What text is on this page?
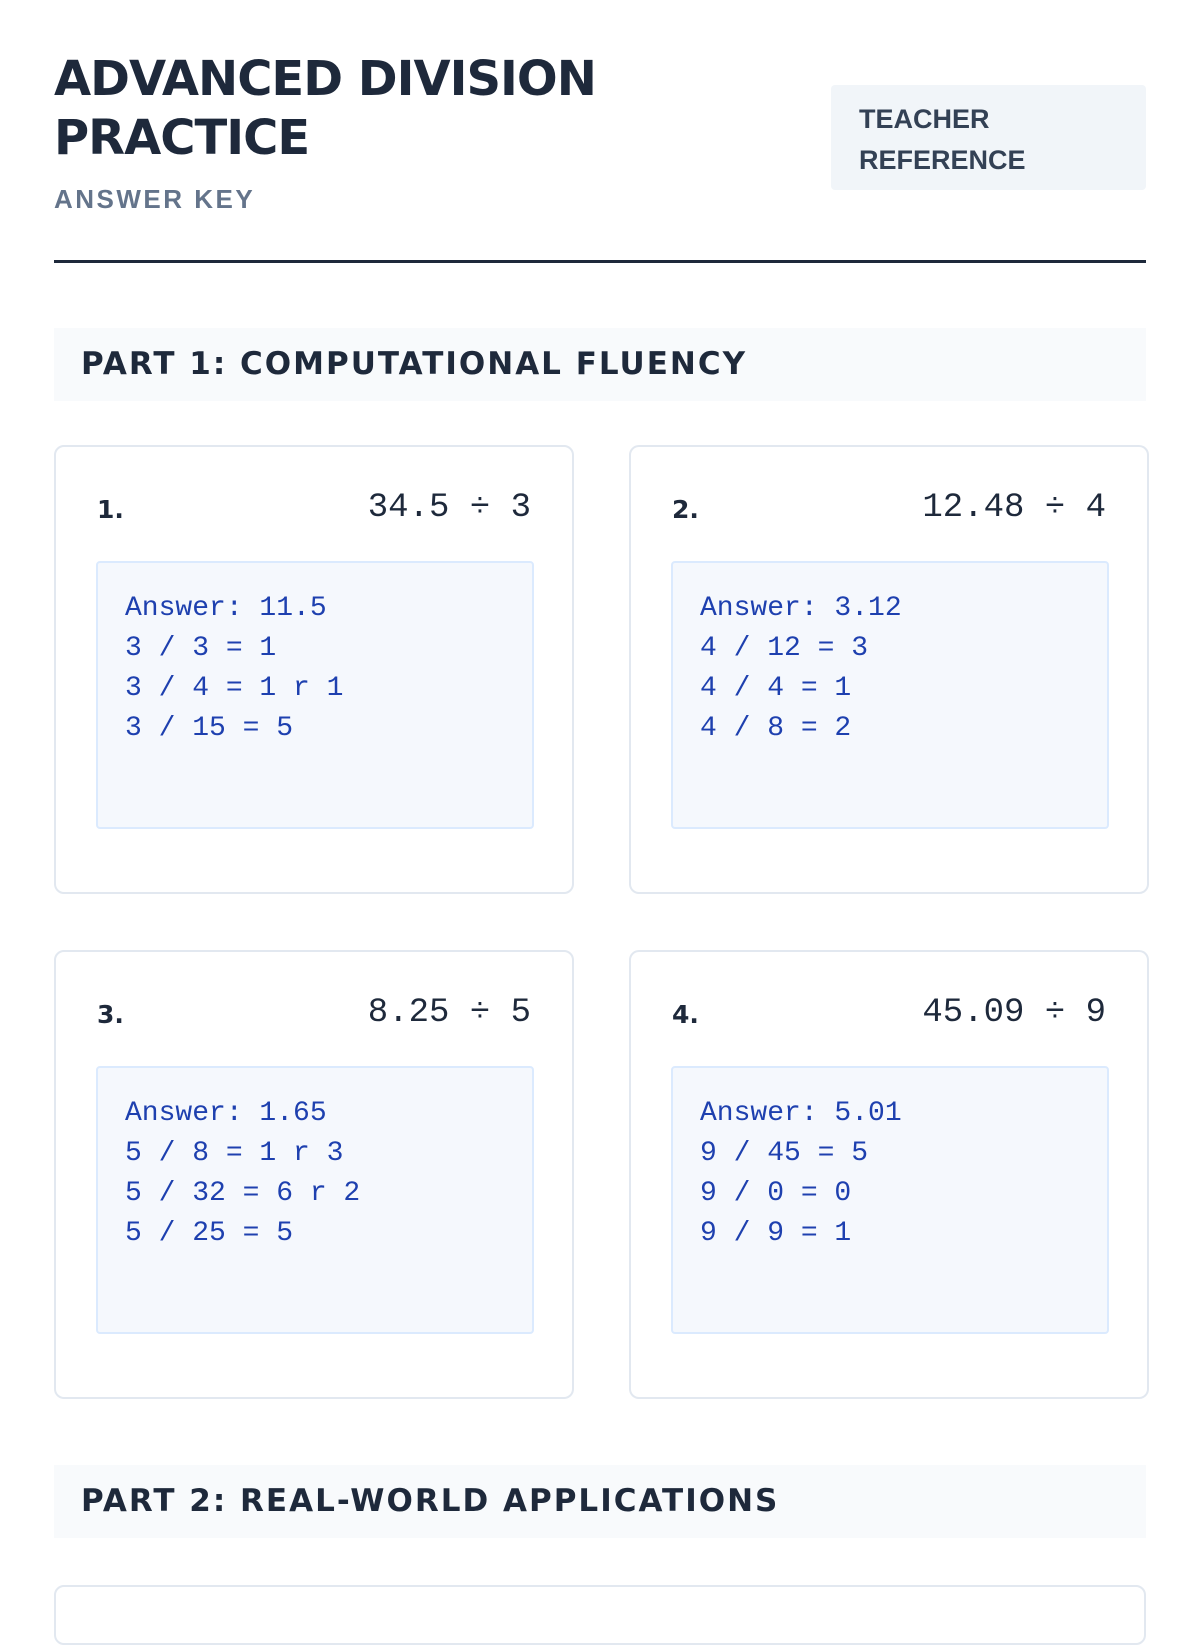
ADVANCED DIVISION PRACTICE
ANSWER KEY
TEACHER REFERENCE
PART 1: COMPUTATIONAL FLUENCY
1.	34.5 ÷ 3
Answer: 11.5
3 / 3 = 1
3 / 4 = 1 r 1
3 / 15 = 5
2.	12.48 ÷ 4
Answer: 3.12
4 / 12 = 3
4 / 4 = 1
4 / 8 = 2
3.	8.25 ÷ 5
Answer: 1.65
5 / 8 = 1 r 3
5 / 32 = 6 r 2
5 / 25 = 5
4.	45.09 ÷ 9
Answer: 5.01
9 / 45 = 5
9 / 0 = 0
9 / 9 = 1
PART 2: REAL-WORLD APPLICATIONS
